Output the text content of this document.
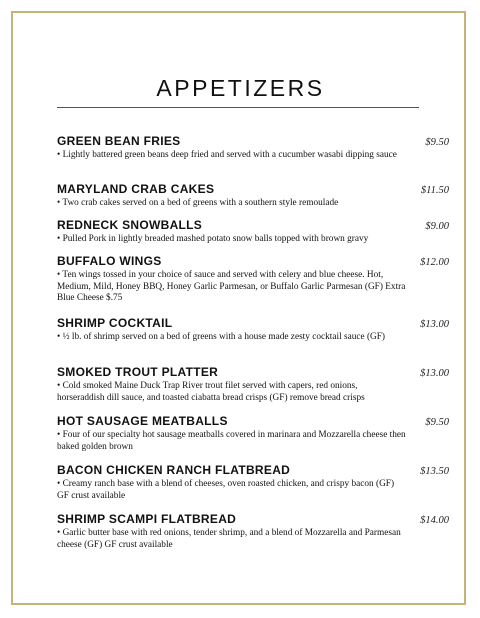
APPETIZERS
GREEN BEAN FRIES	$9.50
• Lightly battered green beans deep fried and served with a cucumber wasabi dipping sauce
MARYLAND CRAB CAKES	$11.50
• Two crab cakes served on a bed of greens with a southern style remoulade
REDNECK SNOWBALLS	$9.00
• Pulled Pork in lightly breaded mashed potato snow balls topped with brown gravy
BUFFALO WINGS	$12.00
• Ten wings tossed in your choice of sauce and served with celery and blue cheese. Hot, Medium, Mild, Honey BBQ, Honey Garlic Parmesan, or Buffalo Garlic Parmesan (GF) Extra Blue Cheese $.75
SHRIMP COCKTAIL	$13.00
• ½ lb. of shrimp served on a bed of greens with a house made zesty cocktail sauce (GF)
SMOKED TROUT PLATTER	$13.00
• Cold smoked Maine Duck Trap River trout filet served with capers, red onions, horseraddish dill sauce, and toasted ciabatta bread crisps (GF) remove bread crisps
HOT SAUSAGE MEATBALLS	$9.50
• Four of our specialty hot sausage meatballs covered in marinara and Mozzarella cheese then baked golden brown
BACON CHICKEN RANCH FLATBREAD	$13.50
• Creamy ranch base with a blend of cheeses, oven roasted chicken, and crispy bacon (GF) GF crust available
SHRIMP SCAMPI FLATBREAD	$14.00
• Garlic butter base with red onions, tender shrimp, and a blend of Mozzarella and Parmesan cheese (GF) GF crust available
